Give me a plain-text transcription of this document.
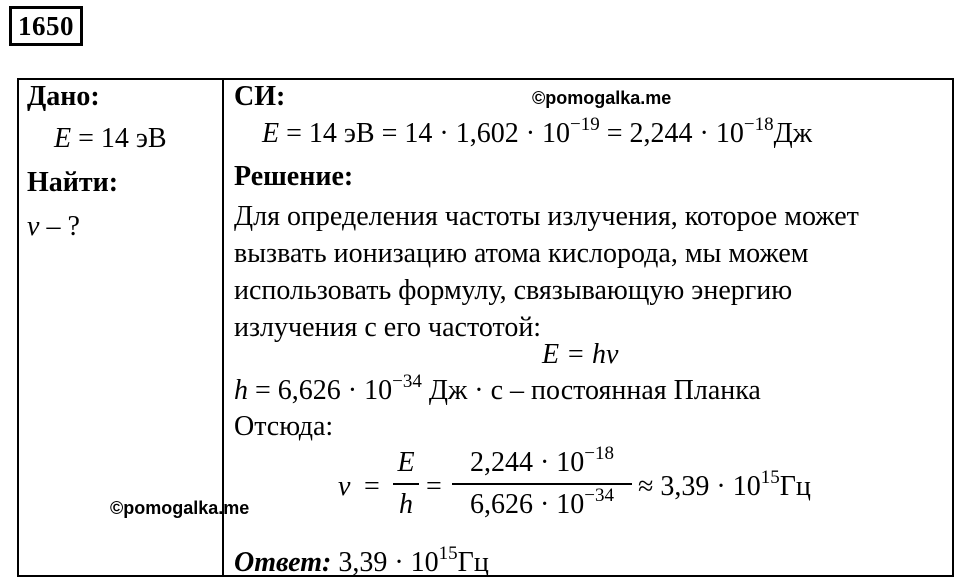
1650
Дано:
E = 14 эВ
Найти:
ν – ?
СИ:	©pomogalka.me
E = 14 эВ = $14 \cdot 1,602 \cdot 10^{-19} = 2,244 \cdot 10^{-18}Дж$
Решение:
Для определения частоты излучения, которое может
вызвать ионизацию атома кислорода, мы можем
использовать формулу, связывающую энергию
излучения с его частотой:
E = hν
$h = 6,626 \cdot 10^{-34}$ Дж · с – постоянная Планка
Отсюда:
ν =
E
h
=
$2,244 \cdot 10^{-18}$
$6,626 \cdot 10^{-34} \approx 3,39 \cdot 10^{15}Гц$
©pomogalka.me
Ответ: $3,39 \cdot 10^{15}Гц$
